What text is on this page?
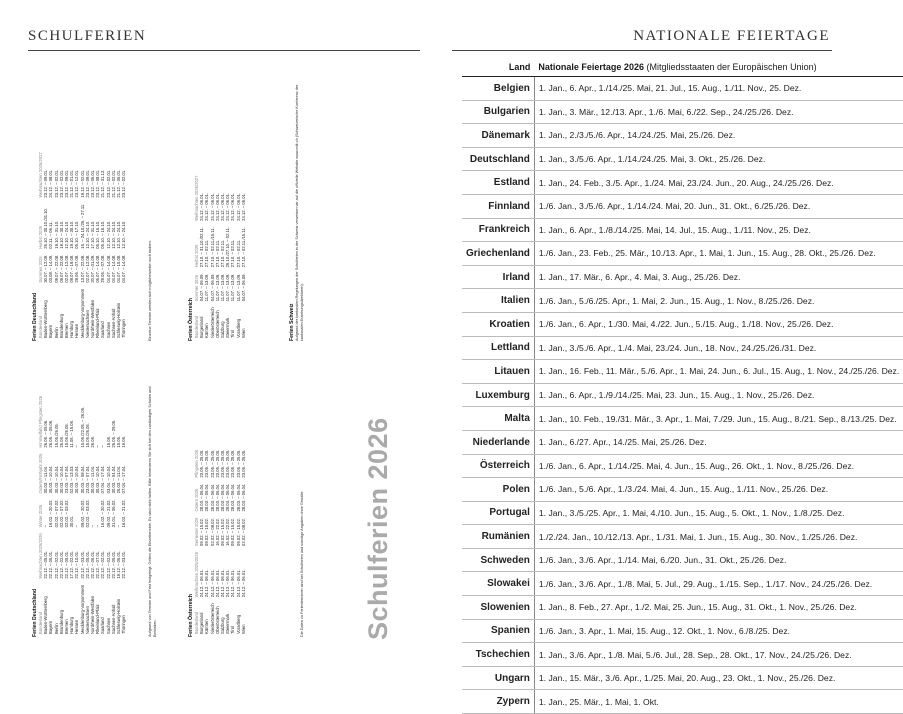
SCHULFERIEN
Ferien Deutschland Bundesland	Weihnachten 2025/2026	Winter 2026	Ostern/Frühjahr 2026	Himmelfahrt Pfingsten 2026
Baden-Württemberg	22.12. – 05.01.	–	30.03. – 11.04.	26.05. – 05.06.
Bayern	22.12. – 05.01.	16.02. – 20.02.	30.03. – 10.04.	26.05. – 05.06.
Berlin	22.12. – 02.01.	02.02. – 07.02.	30.03. – 10.04.	15.05./26.05.
Brandenburg	22.12. – 02.01.	02.02. – 07.02.	30.03. – 10.04.	26.05.
Bremen	22.12. – 05.01.	02.02. – 03.02.	23.03. – 07.04.	15.05./26.05.
Hamburg	17.12. – 02.01.	30.01.	02.03. – 13.03.	11.05. – 15.05.
Hessen	22.12. – 10.01.	–	30.03. – 10.04.	–
Mecklenburg-Vorpommern	22.12. – 03.01.	09.02. – 20.02.	30.03. – 08.04.	15.05./22.05. – 26.05.
Niedersachsen	22.12. – 05.01.	02.02. – 03.02.	23.03. – 07.04.	15.05./26.05.
Nordrhein-Westfalen	22.12. – 06.01.	–	30.03. – 11.04.	26.05.
Rheinland-Pfalz	22.12. – 07.01.	–	30.03. – 10.04.	–
Saarland	22.12. – 02.01.	16.02. – 20.02.	07.04. – 17.04.	–
Sachsen	22.12. – 02.01.	09.02. – 21.02.	03.04. – 10.04.	15.05.
Sachsen-Anhalt	22.12. – 05.01.	31.01. – 06.02.	30.03. – 04.04.	26.05. – 29.05.
Schleswig-Holstein	19.12. – 06.01.	–	26.03. – 11.04.	15.05.
Thüringen	22.12. – 03.01.	16.02. – 21.02.	07.04. – 17.04.	15.05.
Ferien Österreich Bundesland	Weihnachten 2025/2026	Semester 2026	Ostern 2026	Pfingsten 2026
Burgenland	24.12. – 06.01.	09.02. – 15.02.	28.03. – 06.04.	23.05. – 25.05.
Kärnten	24.12. – 06.01.	09.02. – 15.02.	28.03. – 06.04.	23.05. – 25.05.
Niederösterreich	24.12. – 06.01.	02.02. – 08.02.	28.03. – 06.04.	23.05. – 25.05.
Oberösterreich	24.12. – 06.01.	16.02. – 22.02.	28.03. – 06.04.	23.05. – 25.05.
Salzburg	24.12. – 06.01.	09.02. – 15.02.	28.03. – 06.04.	23.05. – 25.05.
Steiermark	24.12. – 06.01.	16.02. – 22.02.	28.03. – 06.04.	23.05. – 25.05.
Tirol	24.12. – 06.01.	09.02. – 15.02.	28.03. – 06.04.	23.05. – 25.05.
Vorarlberg	24.12. – 06.01.	09.02. – 15.02.	28.03. – 06.04.	23.05. – 25.05.
Wien	24.12. – 06.01.	02.02. – 08.02.	28.03. – 06.04.	23.05. – 25.05.
Ferien Deutschland Bundesland	Sommer 2026	Herbst 2026	Weihnachten 2026/2027
Baden-Württemberg	30.07. – 12.09.	26.10. – 30.10./31.10.	23.12. – 09.01.
Bayern	03.08. – 14.09.	02.11. – 06.11.	24.12. – 08.01.
Berlin	09.07. – 22.08.	19.10. – 31.10.	23.12. – 02.01.
Brandenburg	09.07. – 22.08.	19.10. – 30.10.	23.12. – 02.01.
Bremen	02.07. – 12.08.	12.10. – 24.10.	23.12. – 09.01.
Hamburg	09.07. – 19.08.	19.10. – 30.10.	21.12. – 01.01.
Hessen	29.06. – 07.08.	05.10. – 17.10.	23.12. – 12.01.
Mecklenburg-Vorpommern	13.07. – 22.08.	15. – 24.10./26. – 27.11.	19.12. – 02.01.
Niedersachsen	02.07. – 12.08.	12.10. – 24.10.	23.12. – 09.01.
Nordrhein-Westfalen	20.07. – 01.09.	17.10. – 31.10.	23.12. – 06.01.
Rheinland-Pfalz	06.07. – 14.08.	05.10. – 16.10.	23.12. – 08.01.
Saarland	29.06. – 07.08.	05.10. – 16.10.	21.12. – 31.12.
Sachsen	04.07. – 14.08.	12.10. – 24.10.	23.12. – 02.01.
Sachsen-Anhalt	04.07. – 14.08.	12.10. – 24.10.	21.12. – 02.01.
Schleswig-Holstein	04.07. – 15.08.	12.10. – 24.10.	21.12. – 06.01.
Thüringen	04.07. – 14.08.	12.10. – 24.10.	23.12. – 02.01.
Ferien Österreich Bundesland	Sommer 2026	Herbst 2026	Weihnachten 2026/2027
Burgenland	04.07. – 06.09.	27.10. – 31.10./02.11.	24.12. – 06.01.
Kärnten	11.07. – 13.09.	27.10. – 02.11.	24.12. – 06.01.
Niederösterreich	04.07. – 06.09.	27.10. – 02.11./15.11.	24.12. – 06.01.
Oberösterreich	11.07. – 13.09.	27.10. – 02.11.	24.12. – 06.01.
Salzburg	11.07. – 13.09.	27.10. – 02.11.	24.12. – 06.01.
Steiermark	11.07. – 13.09.	26.10./27.10. – 02.11.	24.12. – 06.01.
Tirol	11.07. – 13.09.	27.10. – 02.11.	24.12. – 06.01.
Vorarlberg	11.07. – 13.09.	27.10. – 02.11.	24.12. – 06.01.
Wien	04.07. – 06.09.	27.10. – 02.11./15.11.	24.12. – 06.01.
Aufgrund von Termine und Frist festgelegt. Gelten die Einzeltermine. Es wird nicht haften. Bitte informieren Sie sich bei den zuständigen Schulen und Behörden.	Die Daten zu Ferienterminen sind bei Schulferien und sonstige Angaben ohne Gewähr.
Einzelne Termine werden sich möglicherweise noch ändern.	Ferien Schweiz Aufgrund der kantonalen Regelungen der Schulferien in der Schweiz verweisen wir auf die offizielle Website www.edk.ch (Schweizerische Konferenz der kantonalen Erziehungsdirektoren).
Schulferien 2026
NATIONALE FEIERTAGE
Land	Nationale Feiertage 2026 (Mitgliedsstaaten der Europäischen Union)
Belgien	1. Jan., 6. Apr., 1./14./25. Mai, 21. Jul., 15. Aug., 1./11. Nov., 25. Dez.
Bulgarien	1. Jan., 3. Mär., 12./13. Apr., 1./6. Mai, 6./22. Sep., 24./25./26. Dez.
Dänemark	1. Jan., 2./3./5./6. Apr., 14./24./25. Mai, 25./26. Dez.
Deutschland	1. Jan., 3./5./6. Apr., 1./14./24./25. Mai, 3. Okt., 25./26. Dez.
Estland	1. Jan., 24. Feb., 3./5. Apr., 1./24. Mai, 23./24. Jun., 20. Aug., 24./25./26. Dez.
Finnland	1./6. Jan., 3./5./6. Apr., 1./14./24. Mai, 20. Jun., 31. Okt., 6./25./26. Dez.
Frankreich	1. Jan., 6. Apr., 1./8./14./25. Mai, 14. Jul., 15. Aug., 1./11. Nov., 25. Dez.
Griechenland	1./6. Jan., 23. Feb., 25. Mär., 10./13. Apr., 1. Mai, 1. Jun., 15. Aug., 28. Okt., 25./26. Dez.
Irland	1. Jan., 17. Mär., 6. Apr., 4. Mai, 3. Aug., 25./26. Dez.
Italien	1./6. Jan., 5./6./25. Apr., 1. Mai, 2. Jun., 15. Aug., 1. Nov., 8./25./26. Dez.
Kroatien	1./6. Jan., 6. Apr., 1./30. Mai, 4./22. Jun., 5./15. Aug., 1./18. Nov., 25./26. Dez.
Lettland	1. Jan., 3./5./6. Apr., 1./4. Mai, 23./24. Jun., 18. Nov., 24./25./26./31. Dez.
Litauen	1. Jan., 16. Feb., 11. Mär., 5./6. Apr., 1. Mai, 24. Jun., 6. Jul., 15. Aug., 1. Nov., 24./25./26. Dez.
Luxemburg	1. Jan., 6. Apr., 1./9./14./25. Mai, 23. Jun., 15. Aug., 1. Nov., 25./26. Dez.
Malta	1. Jan., 10. Feb., 19./31. Mär., 3. Apr., 1. Mai, 7./29. Jun., 15. Aug., 8./21. Sep., 8./13./25. Dez.
Niederlande	1. Jan., 6./27. Apr., 14./25. Mai, 25./26. Dez.
Österreich	1./6. Jan., 6. Apr., 1./14./25. Mai, 4. Jun., 15. Aug., 26. Okt., 1. Nov., 8./25./26. Dez.
Polen	1./6. Jan., 5./6. Apr., 1./3./24. Mai, 4. Jun., 15. Aug., 1./11. Nov., 25./26. Dez.
Portugal	1. Jan., 3./5./25. Apr., 1. Mai, 4./10. Jun., 15. Aug., 5. Okt., 1. Nov., 1./8./25. Dez.
Rumänien	1./2./24. Jan., 10./12./13. Apr., 1./31. Mai, 1. Jun., 15. Aug., 30. Nov., 1./25./26. Dez.
Schweden	1./6. Jan., 3./6. Apr., 1./14. Mai, 6./20. Jun., 31. Okt., 25./26. Dez.
Slowakei	1./6. Jan., 3./6. Apr., 1./8. Mai, 5. Jul., 29. Aug., 1./15. Sep., 1./17. Nov., 24./25./26. Dez.
Slowenien	1. Jan., 8. Feb., 27. Apr., 1./2. Mai, 25. Jun., 15. Aug., 31. Okt., 1. Nov., 25./26. Dez.
Spanien	1./6. Jan., 3. Apr., 1. Mai, 15. Aug., 12. Okt., 1. Nov., 6./8./25. Dez.
Tschechien	1. Jan., 3./6. Apr., 1./8. Mai, 5./6. Jul., 28. Sep., 28. Okt., 17. Nov., 24./25./26. Dez.
Ungarn	1. Jan., 15. Mär., 3./6. Apr., 1./25. Mai, 20. Aug., 23. Okt., 1. Nov., 25./26. Dez.
Zypern	1. Jan., 25. Mär., 1. Mai, 1. Okt.
